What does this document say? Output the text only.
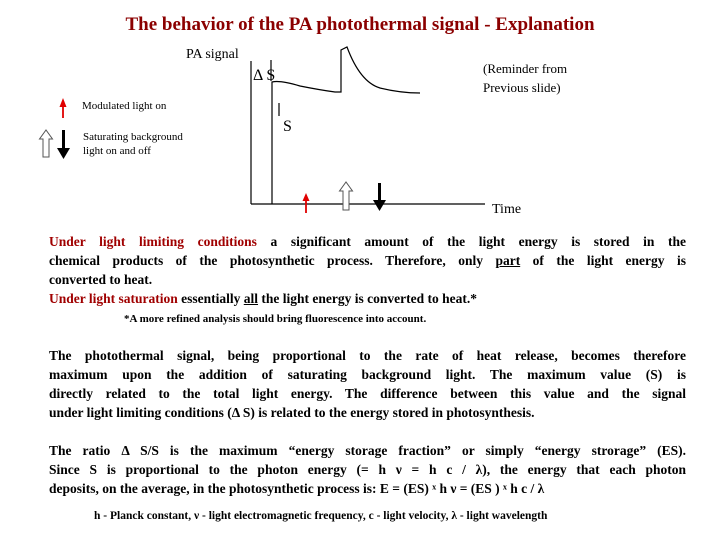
The behavior of the PA photothermal signal - Explanation
PA signal
Δ S
S
(Reminder from
Previous slide)
Modulated light on
Saturating background
light on and off
Time
Under light limiting conditions a significant amount of the light energy is stored in the
chemical products of the photosynthetic process. Therefore, only part of the light energy is
converted to heat.
Under light saturation essentially all the light energy is converted to heat.*
*A more refined analysis should bring fluorescence into account.
The photothermal signal, being proportional to the rate of heat release, becomes therefore
maximum upon the addition of saturating background light. The maximum value (S) is
directly related to the total light energy. The difference between this value and the signal
under light limiting conditions (Δ S) is related to the energy stored in photosynthesis.
The ratio Δ S/S is the maximum “energy storage fraction” or simply “energy strorage” (ES).
Since S is proportional to the photon energy (= h ν = h c / λ), the energy that each photon
deposits, on the average, in the photosynthetic process is: E = (ES) ˣ h ν = (ES ) ˣ h c / λ
h - Planck constant, ν - light electromagnetic frequency, c - light velocity, λ - light wavelength
